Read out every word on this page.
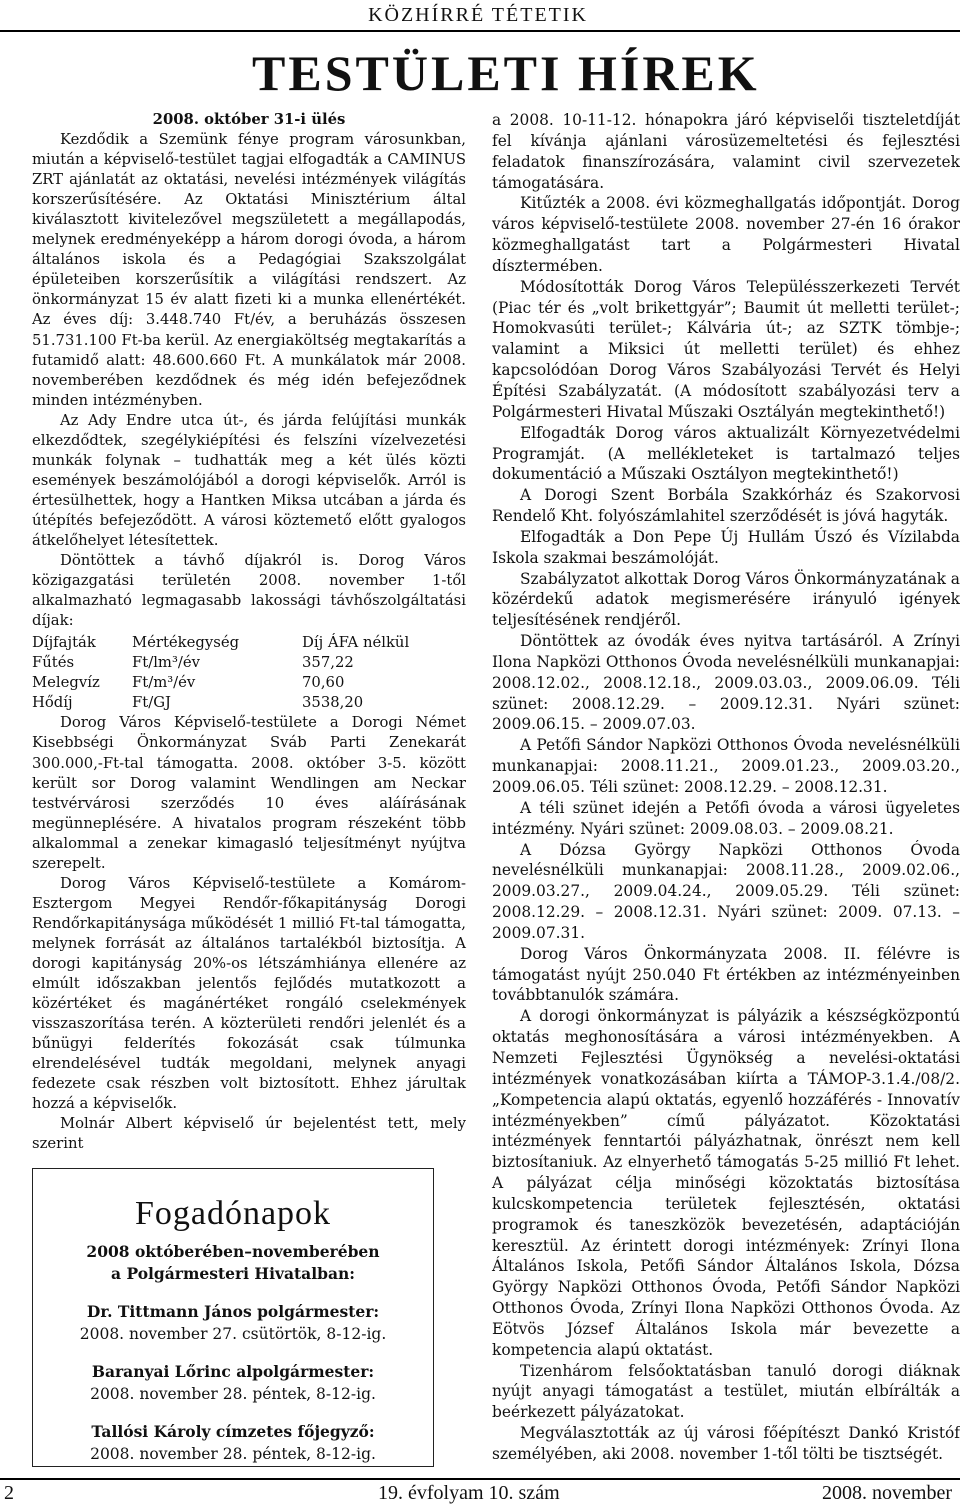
KÖZHÍRRÉ TÉTETIK
TESTÜLETI HÍREK

2008. október 31-i ülés

Kezdődik a Szemünk fénye program városunkban, miután a képviselő-testület tagjai elfogadták a CAMINUS ZRT ajánlatát az oktatási, nevelési intézmények világítás korszerűsítésére. Az Oktatási Minisztérium által kiválasztott kivitelezővel megszületett a megállapodás, melynek eredményeképp a három dorogi óvoda, a három általános iskola és a Pedagógiai Szakszolgálat épületeiben korszerűsítik a világítási rendszert. Az önkormányzat 15 év alatt fizeti ki a munka ellenértékét. Az éves díj: 3.448.740 Ft/év, a beruházás összesen 51.731.100 Ft-ba kerül. Az energiaköltség megtakarítás a futamidő alatt: 48.600.660 Ft. A munkálatok már 2008. novemberében kezdődnek és még idén befejeződnek minden intézményben.

Az Ady Endre utca út-, és járda felújítási munkák elkezdődtek, szegélykiépítési és felszíni vízelvezetési munkák folynak – tudhatták meg a két ülés közti események beszámolójából a dorogi képviselők. Arról is értesülhettek, hogy a Hantken Miksa utcában a járda és útépítés befejeződött. A városi köztemető előtt gyalogos átkelőhelyet létesítettek.

Döntöttek a távhő díjakról is. Dorog Város közigazgatási területén 2008. november 1-től alkalmazható legmagasabb lakossági távhőszolgáltatási díjak:

Díjfajták	Mértékegység	Díj ÁFA nélkül
Fűtés	Ft/lm³/év	357,22
Melegvíz	Ft/m³/év	70,60
Hődíj	Ft/GJ	3538,20

Dorog Város Képviselő-testülete a Dorogi Német Kisebbségi Önkormányzat Sváb Parti Zenekarát 300.000,-Ft-tal támogatta. 2008. október 3-5. között került sor Dorog valamint Wendlingen am Neckar testvérvárosi szerződés 10 éves aláírásának megünneplésére. A hivatalos program részeként több alkalommal a zenekar kimagasló teljesítményt nyújtva szerepelt.

Dorog Város Képviselő-testülete a Komárom-Esztergom Megyei Rendőr-főkapitányság Dorogi Rendőrkapitánysága működését 1 millió Ft-tal támogatta, melynek forrását az általános tartalékból biztosítja. A dorogi kapitányság 20%-os létszámhiánya ellenére az elmúlt időszakban jelentős fejlődés mutatkozott a közértéket és magánértéket rongáló cselekmények visszaszorítása terén. A közterületi rendőri jelenlét és a bűnügyi felderítés fokozását csak túlmunka elrendelésével tudták megoldani, melynek anyagi fedezete csak részben volt biztosított. Ehhez járultak hozzá a képviselők.

Molnár Albert képviselő úr bejelentést tett, mely szerint

Fogadónapok
2008 októberében–novemberében
a Polgármesteri Hivatalban:
Dr. Tittmann János polgármester:
2008. november 27. csütörtök, 8-12-ig.
Baranyai Lőrinc alpolgármester:
2008. november 28. péntek, 8-12-ig.
Tallósi Károly címzetes főjegyző:
2008. november 28. péntek, 8-12-ig.

a 2008. 10-11-12. hónapokra járó képviselői tiszteletdíját fel kívánja ajánlani városüzemeltetési és fejlesztési feladatok finanszírozására, valamint civil szervezetek támogatására.

Kitűzték a 2008. évi közmeghallgatás időpontját. Dorog város képviselő-testülete 2008. november 27-én 16 órakor közmeghallgatást tart a Polgármesteri Hivatal dísztermében.

Módosították Dorog Város Településszerkezeti Tervét (Piac tér és „volt brikettgyár”; Baumit út melletti terület-; Homokvasúti terület-; Kálvária út-; az SZTK tömbje-; valamint a Miksici út melletti terület) és ehhez kapcsolódóan Dorog Város Szabályozási Tervét és Helyi Építési Szabályzatát. (A módosított szabályozási terv a Polgármesteri Hivatal Műszaki Osztályán megtekinthető!)

Elfogadták Dorog város aktualizált Környezetvédelmi Programját. (A mellékleteket is tartalmazó teljes dokumentáció a Műszaki Osztályon megtekinthető!)

A Dorogi Szent Borbála Szakkórház és Szakorvosi Rendelő Kht. folyószámlahitel szerződését is jóvá hagyták.

Elfogadták a Don Pepe Új Hullám Úszó és Vízilabda Iskola szakmai beszámolóját.

Szabályzatot alkottak Dorog Város Önkormányzatának a közérdekű adatok megismerésére irányuló igények teljesítésének rendjéről.

Döntöttek az óvodák éves nyitva tartásáról. A Zrínyi Ilona Napközi Otthonos Óvoda nevelésnélküli munkanapjai: 2008.12.02., 2008.12.18., 2009.03.03., 2009.06.09. Téli szünet: 2008.12.29. – 2009.12.31. Nyári szünet: 2009.06.15. – 2009.07.03.

A Petőfi Sándor Napközi Otthonos Óvoda nevelésnélküli munkanapjai: 2008.11.21., 2009.01.23., 2009.03.20., 2009.06.05. Téli szünet: 2008.12.29. – 2008.12.31.

A téli szünet idején a Petőfi óvoda a városi ügyeletes intézmény. Nyári szünet: 2009.08.03. – 2009.08.21.

A Dózsa György Napközi Otthonos Óvoda nevelésnélküli munkanapjai: 2008.11.28., 2009.02.06., 2009.03.27., 2009.04.24., 2009.05.29. Téli szünet: 2008.12.29. – 2008.12.31. Nyári szünet: 2009. 07.13. – 2009.07.31.

Dorog Város Önkormányzata 2008. II. félévre is támogatást nyújt 250.040 Ft értékben az intézményeinben továbbtanulók számára.

A dorogi önkormányzat is pályázik a készségközpontú oktatás meghonosítására a városi intézményekben. A Nemzeti Fejlesztési Ügynökség a nevelési-oktatási intézmények vonatkozásában kiírta a TÁMOP-3.1.4./08/2. „Kompetencia alapú oktatás, egyenlő hozzáférés - Innovatív intézményekben” című pályázatot. Közoktatási intézmények fenntartói pályázhatnak, önrészt nem kell biztosítaniuk. Az elnyerhető támogatás 5-25 millió Ft lehet. A pályázat célja minőségi közoktatás biztosítása kulcskompetencia területek fejlesztésén, oktatási programok és taneszközök bevezetésén, adaptációján keresztül. Az érintett dorogi intézmények: Zrínyi Ilona Általános Iskola, Petőfi Sándor Általános Iskola, Dózsa György Napközi Otthonos Óvoda, Petőfi Sándor Napközi Otthonos Óvoda, Zrínyi Ilona Napközi Otthonos Óvoda. Az Eötvös József Általános Iskola már bevezette a kompetencia alapú oktatást.

Tizenhárom felsőoktatásban tanuló dorogi diáknak nyújt anyagi támogatást a testület, miután elbírálták a beérkezett pályázatokat.

Megválasztották az új városi főépítészt Dankó Kristóf személyében, aki 2008. november 1-től tölti be tisztségét.

2	19. évfolyam 10. szám	2008. november
